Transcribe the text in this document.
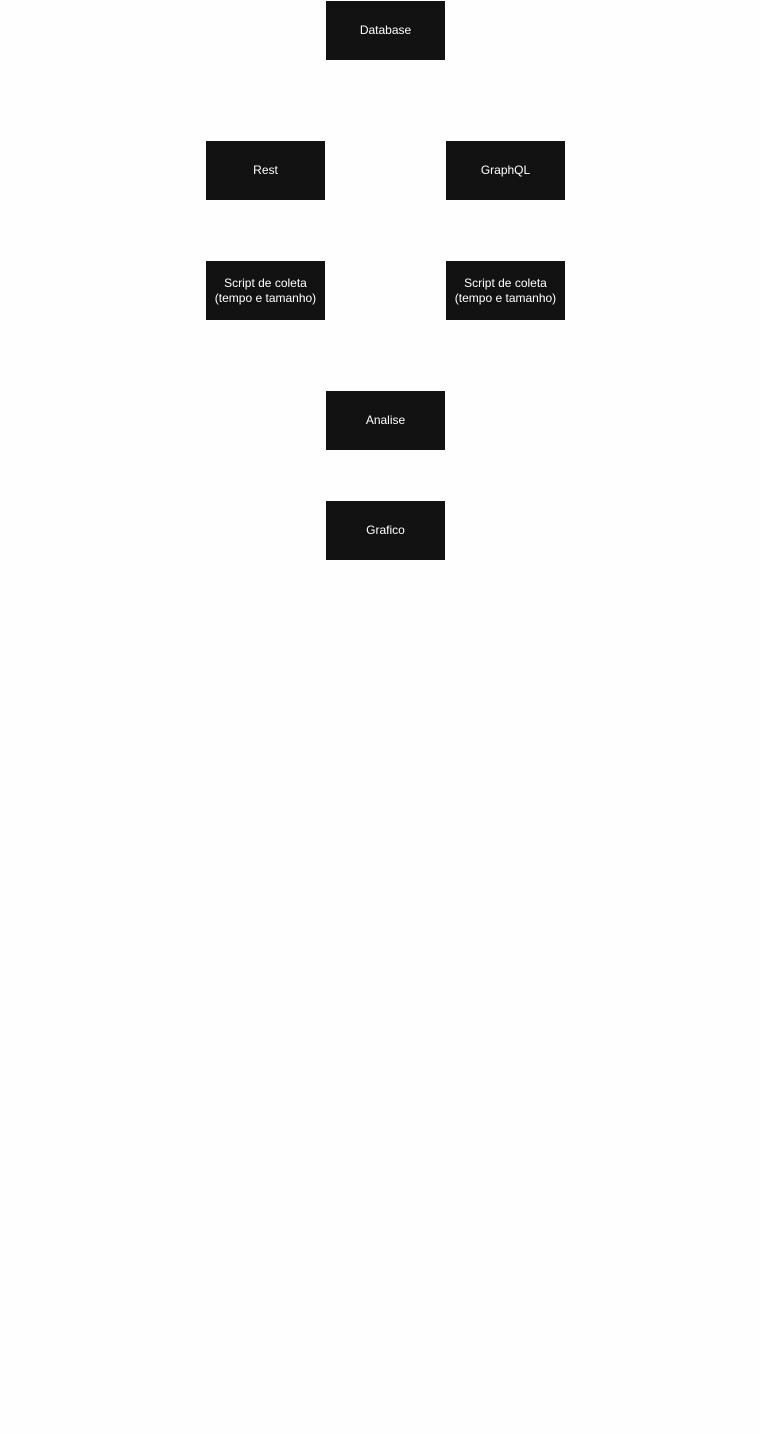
Database
Rest	GraphQL
Script de coleta
(tempo e tamanho)
Script de coleta
(tempo e tamanho)
Analise
Grafico
